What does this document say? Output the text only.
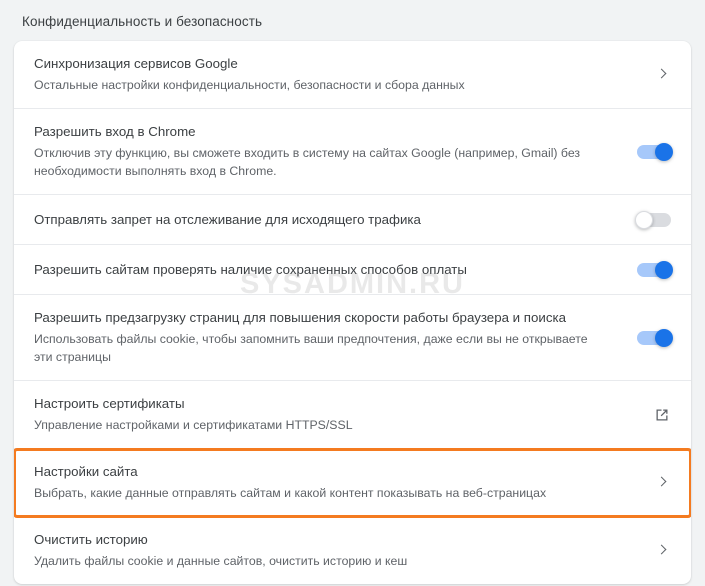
Конфиденциальность и безопасность
Синхронизация сервисов Google
Остальные настройки конфиденциальности, безопасности и сбора данных
Разрешить вход в Chrome
Отключив эту функцию, вы сможете входить в систему на сайтах Google (например, Gmail) без необходимости выполнять вход в Chrome.
Отправлять запрет на отслеживание для исходящего трафика
Разрешить сайтам проверять наличие сохраненных способов оплаты
Разрешить предзагрузку страниц для повышения скорости работы браузера и поиска
Использовать файлы cookie, чтобы запомнить ваши предпочтения, даже если вы не открываете эти страницы
Настроить сертификаты
Управление настройками и сертификатами HTTPS/SSL
Настройки сайта
Выбрать, какие данные отправлять сайтам и какой контент показывать на веб-страницах
Очистить историю
Удалить файлы cookie и данные сайтов, очистить историю и кеш
